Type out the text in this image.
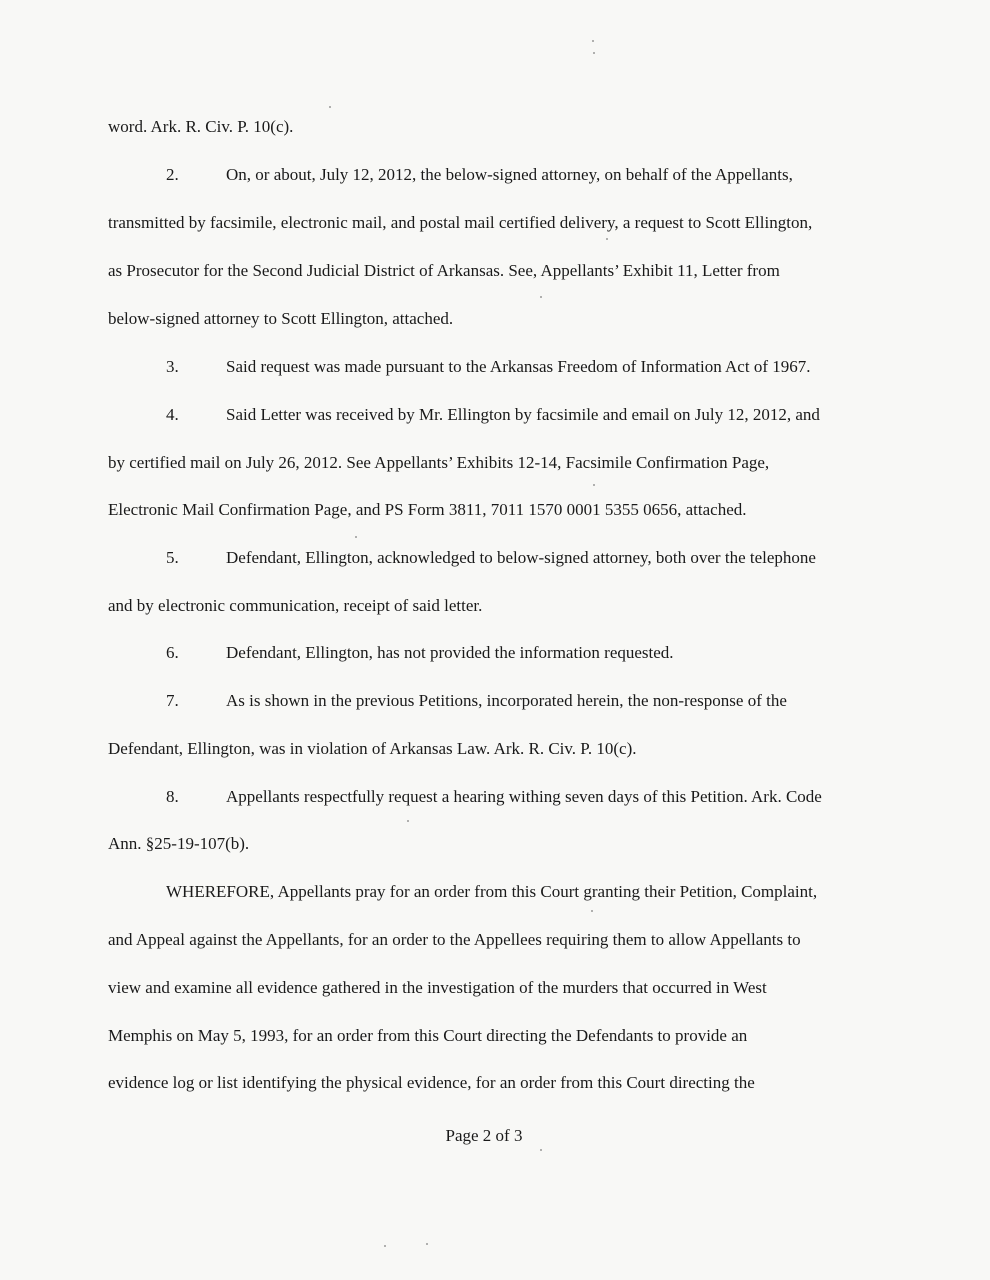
word. Ark. R. Civ. P. 10(c).
2.	On, or about, July 12, 2012, the below-signed attorney, on behalf of the Appellants,
transmitted by facsimile, electronic mail, and postal mail certified delivery, a request to Scott Ellington,
as Prosecutor for the Second Judicial District of Arkansas. See, Appellants’ Exhibit 11, Letter from
below-signed attorney to Scott Ellington, attached.
3.	Said request was made pursuant to the Arkansas Freedom of Information Act of 1967.
4.	Said Letter was received by Mr. Ellington by facsimile and email on July 12, 2012, and
by certified mail on July 26, 2012. See Appellants’ Exhibits 12-14, Facsimile Confirmation Page,
Electronic Mail Confirmation Page, and PS Form 3811, 7011 1570 0001 5355 0656, attached.
5.	Defendant, Ellington, acknowledged to below-signed attorney, both over the telephone
and by electronic communication, receipt of said letter.
6.	Defendant, Ellington, has not provided the information requested.
7.	As is shown in the previous Petitions, incorporated herein, the non-response of the
Defendant, Ellington, was in violation of Arkansas Law. Ark. R. Civ. P. 10(c).
8.	Appellants respectfully request a hearing withing seven days of this Petition. Ark. Code
Ann. §25-19-107(b).
WHEREFORE, Appellants pray for an order from this Court granting their Petition, Complaint,
and Appeal against the Appellants, for an order to the Appellees requiring them to allow Appellants to
view and examine all evidence gathered in the investigation of the murders that occurred in West
Memphis on May 5, 1993, for an order from this Court directing the Defendants to provide an
evidence log or list identifying the physical evidence, for an order from this Court directing the
Page 2 of 3
